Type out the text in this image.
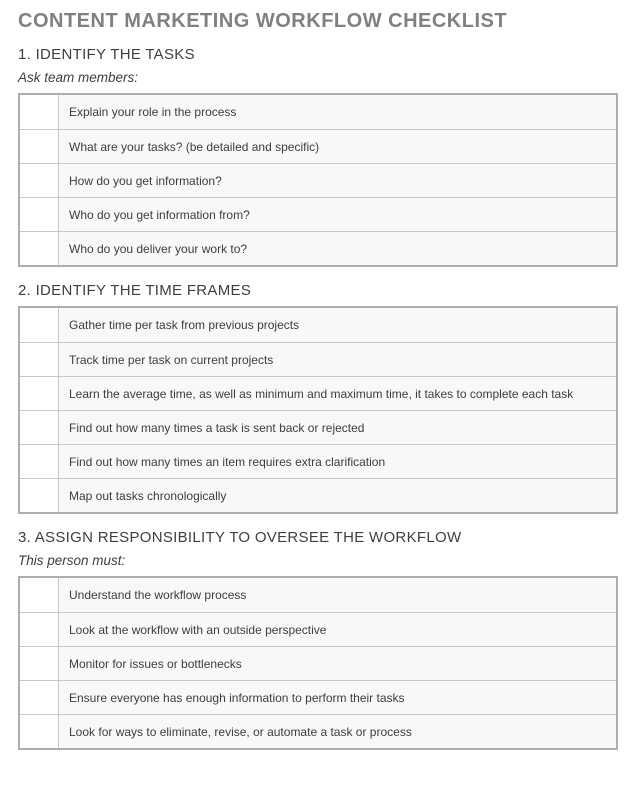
CONTENT MARKETING WORKFLOW CHECKLIST
1. IDENTIFY THE TASKS

Ask team members:

Explain your role in the process
What are your tasks? (be detailed and specific)
How do you get information?
Who do you get information from?
Who do you deliver your work to?
2. IDENTIFY THE TIME FRAMES
Gather time per task from previous projects
Track time per task on current projects
Learn the average time, as well as minimum and maximum time, it takes to complete each task
Find out how many times a task is sent back or rejected
Find out how many times an item requires extra clarification
Map out tasks chronologically
3. ASSIGN RESPONSIBILITY TO OVERSEE THE WORKFLOW

This person must:

Understand the workflow process
Look at the workflow with an outside perspective
Monitor for issues or bottlenecks
Ensure everyone has enough information to perform their tasks
Look for ways to eliminate, revise, or automate a task or process
